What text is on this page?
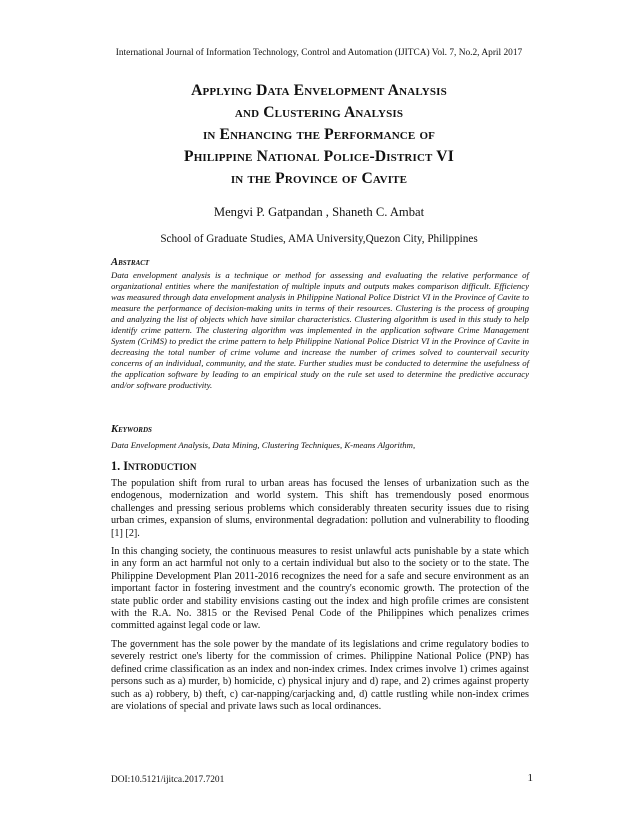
International Journal of Information Technology, Control and Automation (IJITCA) Vol. 7, No.2, April 2017
Applying Data Envelopment Analysis
and Clustering Analysis
in Enhancing the Performance of
Philippine National Police-District VI
in the Province of Cavite
Mengvi P. Gatpandan , Shaneth C. Ambat
School of Graduate Studies, AMA University,Quezon City, Philippines
Abstract

Data envelopment analysis is a technique or method for assessing and evaluating the relative performance of organizational entities where the manifestation of multiple inputs and outputs makes comparison difficult. Efficiency was measured through data envelopment analysis in Philippine National Police District VI in the Province of Cavite to measure the performance of decision-making units in terms of their resources. Clustering is the process of grouping and analyzing the list of objects which have similar characteristics. Clustering algorithm is used in this study to help identify crime pattern. The clustering algorithm was implemented in the application software Crime Management System (CriMS) to predict the crime pattern to help Philippine National Police District VI in the Province of Cavite in decreasing the total number of crime volume and increase the number of crimes solved to countervail security concerns of an individual, community, and the state. Further studies must be conducted to determine the usefulness of the application software by leading to an empirical study on the rule set used to determine the predictive accuracy and/or software productivity.

Keywords

Data Envelopment Analysis, Data Mining, Clustering Techniques, K-means Algorithm,

1. Introduction

The population shift from rural to urban areas has focused the lenses of urbanization such as the endogenous, modernization and world system. This shift has tremendously posed enormous challenges and pressing serious problems which considerably threaten security issues due to rising urban crimes, expansion of slums, environmental degradation: pollution and vulnerability to flooding [1] [2].

In this changing society, the continuous measures to resist unlawful acts punishable by a state which in any form an act harmful not only to a certain individual but also to the society or to the state. The Philippine Development Plan 2011-2016 recognizes the need for a safe and secure environment as an important factor in fostering investment and the country's economic growth. The protection of the state public order and stability envisions casting out the index and high profile crimes are consistent with the R.A. No. 3815 or the Revised Penal Code of the Philippines which penalizes crimes committed against legal code or law.

The government has the sole power by the mandate of its legislations and crime regulatory bodies to severely restrict one's liberty for the commission of crimes. Philippine National Police (PNP) has defined crime classification as an index and non-index crimes. Index crimes involve 1) crimes against persons such as a) murder, b) homicide, c) physical injury and d) rape, and 2) crimes against property such as a) robbery, b) theft, c) car-napping/carjacking and, d) cattle rustling while non-index crimes are violations of special and private laws such as local ordinances.

DOI:10.5121/ijitca.2017.7201	1
